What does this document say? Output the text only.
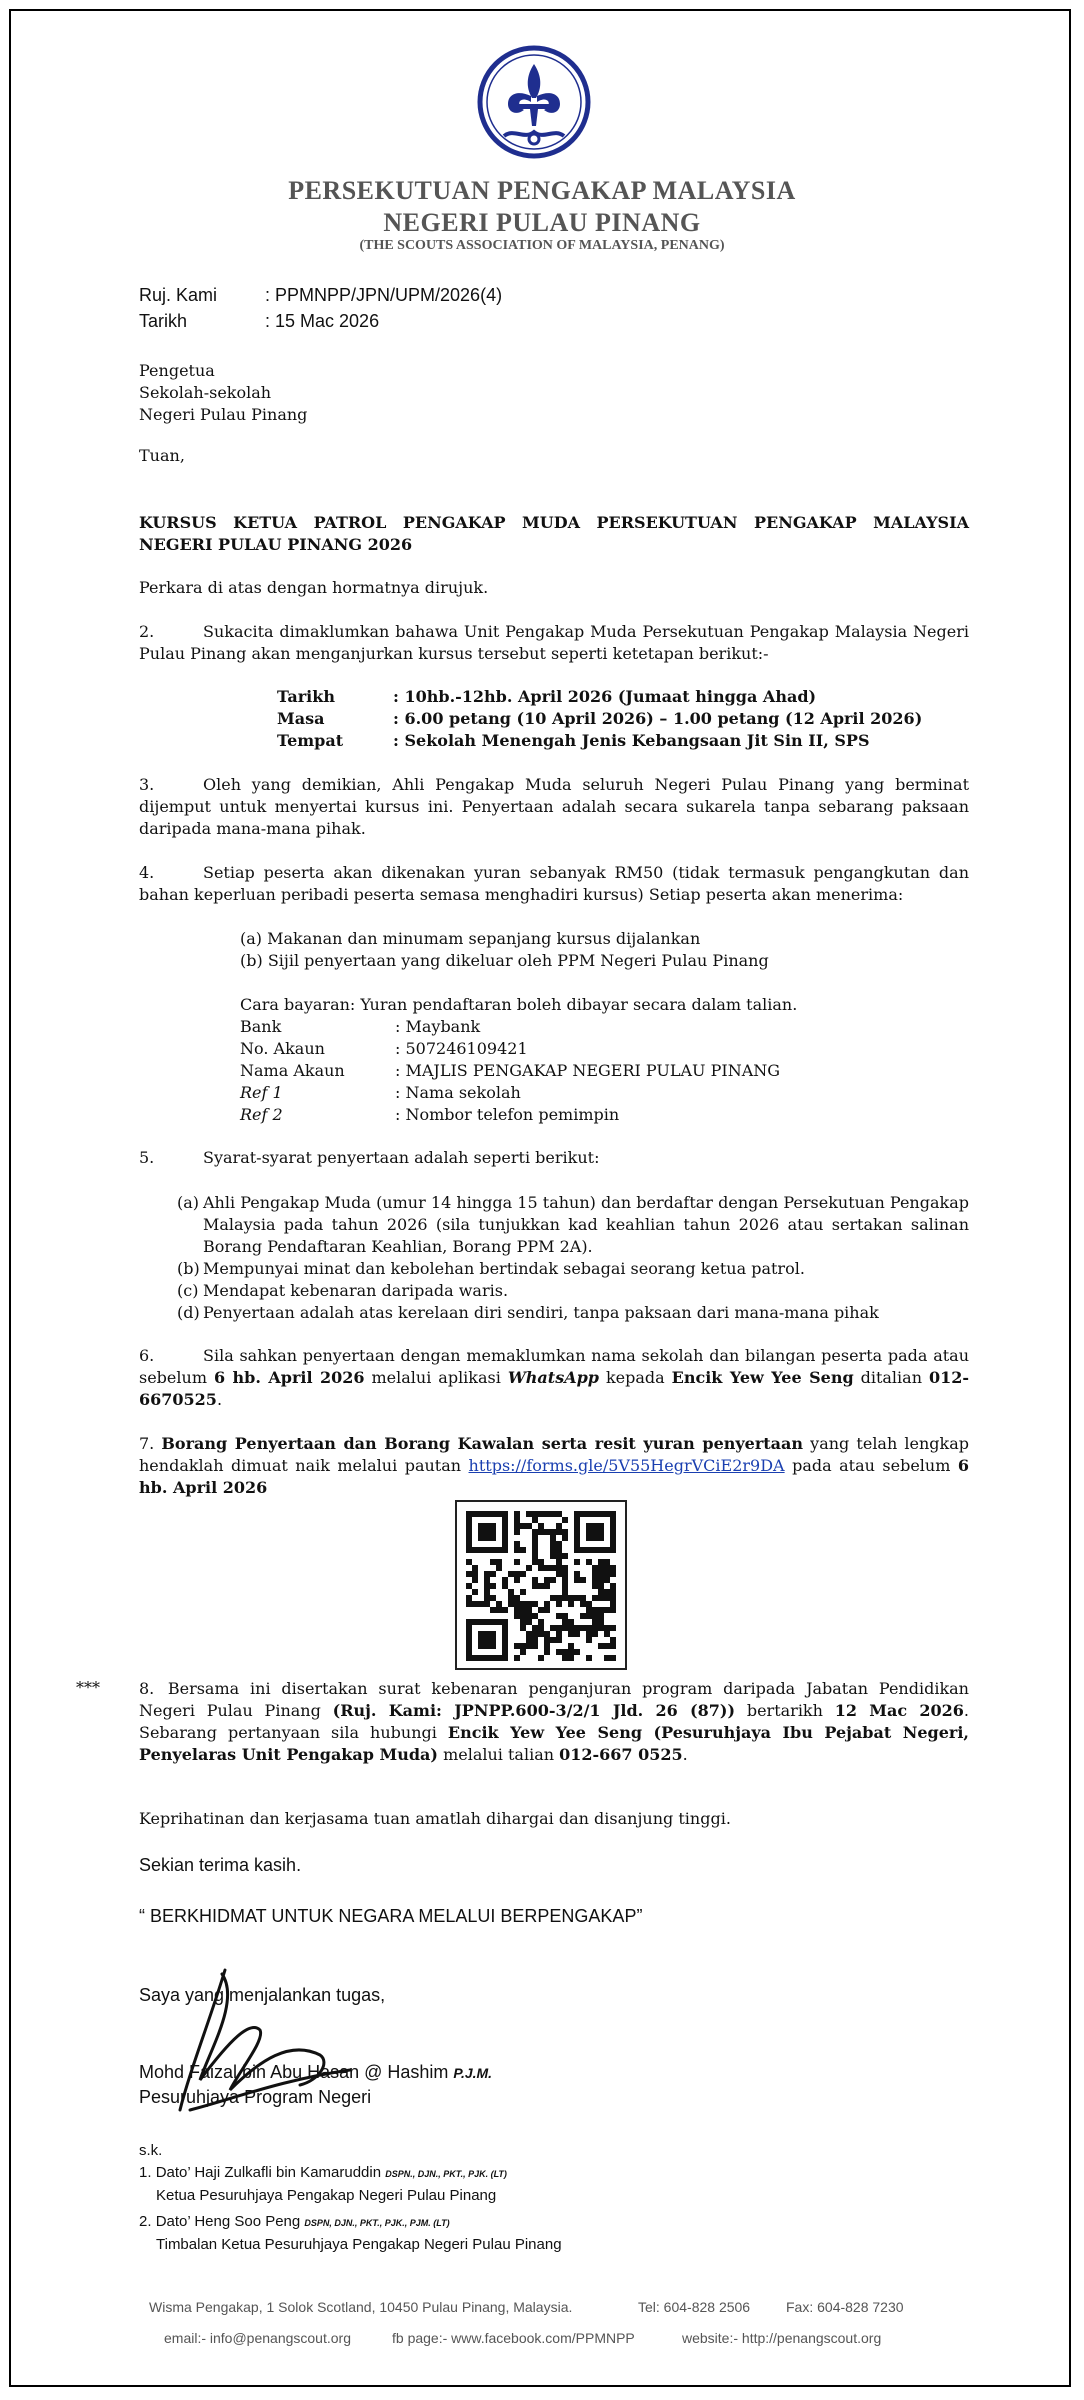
PERSEKUTUAN PENGAKAP MALAYSIA
NEGERI PULAU PINANG
(THE SCOUTS ASSOCIATION OF MALAYSIA, PENANG)
Ruj. Kami	: PPMNPP/JPN/UPM/2026(4)
Tarikh	: 15 Mac 2026
Pengetua
Sekolah-sekolah
Negeri Pulau Pinang
Tuan,
KURSUS KETUA PATROL PENGAKAP MUDA PERSEKUTUAN PENGAKAP MALAYSIA NEGERI PULAU PINANG 2026
Perkara di atas dengan hormatnya dirujuk.
2.	Sukacita dimaklumkan bahawa Unit Pengakap Muda Persekutuan Pengakap Malaysia Negeri Pulau Pinang akan menganjurkan kursus tersebut seperti ketetapan berikut:-
Tarikh	: 10hb.-12hb. April 2026 (Jumaat hingga Ahad)
Masa	: 6.00 petang (10 April 2026) – 1.00 petang (12 April 2026)
Tempat	: Sekolah Menengah Jenis Kebangsaan Jit Sin II, SPS
3.	Oleh yang demikian, Ahli Pengakap Muda seluruh Negeri Pulau Pinang yang berminat dijemput untuk menyertai kursus ini. Penyertaan adalah secara sukarela tanpa sebarang paksaan daripada mana-mana pihak.
4.	Setiap peserta akan dikenakan yuran sebanyak RM50 (tidak termasuk pengangkutan dan bahan keperluan peribadi peserta semasa menghadiri kursus) Setiap peserta akan menerima:
(a) Makanan dan minumam sepanjang kursus dijalankan
(b) Sijil penyertaan yang dikeluar oleh PPM Negeri Pulau Pinang
Cara bayaran: Yuran pendaftaran boleh dibayar secara dalam talian.
Bank	: Maybank
No. Akaun	: 507246109421
Nama Akaun	: MAJLIS PENGAKAP NEGERI PULAU PINANG
Ref 1	: Nama sekolah
Ref 2	: Nombor telefon pemimpin
5.	Syarat-syarat penyertaan adalah seperti berikut:
(a) Ahli Pengakap Muda (umur 14 hingga 15 tahun) dan berdaftar dengan Persekutuan Pengakap Malaysia pada tahun 2026 (sila tunjukkan kad keahlian tahun 2026 atau sertakan salinan Borang Pendaftaran Keahlian, Borang PPM 2A).
(b) Mempunyai minat dan kebolehan bertindak sebagai seorang ketua patrol.
(c) Mendapat kebenaran daripada waris.
(d) Penyertaan adalah atas kerelaan diri sendiri, tanpa paksaan dari mana-mana pihak
6.	Sila sahkan penyertaan dengan memaklumkan nama sekolah dan bilangan peserta pada atau sebelum 6 hb. April 2026 melalui aplikasi WhatsApp kepada Encik Yew Yee Seng ditalian 012-6670525.
7. Borang Penyertaan dan Borang Kawalan serta resit yuran penyertaan yang telah lengkap hendaklah dimuat naik melalui pautan https://forms.gle/5V55HegrVCiE2r9DA pada atau sebelum 6 hb. April 2026
*** 8. Bersama ini disertakan surat kebenaran penganjuran program daripada Jabatan Pendidikan Negeri Pulau Pinang (Ruj. Kami: JPNPP.600-3/2/1 Jld. 26 (87)) bertarikh 12 Mac 2026. Sebarang pertanyaan sila hubungi Encik Yew Yee Seng (Pesuruhjaya Ibu Pejabat Negeri, Penyelaras Unit Pengakap Muda) melalui talian 012-667 0525.
Keprihatinan dan kerjasama tuan amatlah dihargai dan disanjung tinggi.
Sekian terima kasih.
“ BERKHIDMAT UNTUK NEGARA MELALUI BERPENGAKAP”
Saya yang menjalankan tugas,
Mohd Faizal bin Abu Hasan @ Hashim P.J.M.
Pesuruhjaya Program Negeri
s.k.
1. Dato’ Haji Zulkafli bin Kamaruddin DSPN., DJN., PKT., PJK. (LT)
Ketua Pesuruhjaya Pengakap Negeri Pulau Pinang
2. Dato’ Heng Soo Peng DSPN, DJN., PKT., PJK., PJM. (LT)
Timbalan Ketua Pesuruhjaya Pengakap Negeri Pulau Pinang
Wisma Pengakap, 1 Solok Scotland, 10450 Pulau Pinang, Malaysia.	Tel: 604-828 2506	Fax: 604-828 7230
email:- info@penangscout.org	fb page:- www.facebook.com/PPMNPP	website:- http://penangscout.org
